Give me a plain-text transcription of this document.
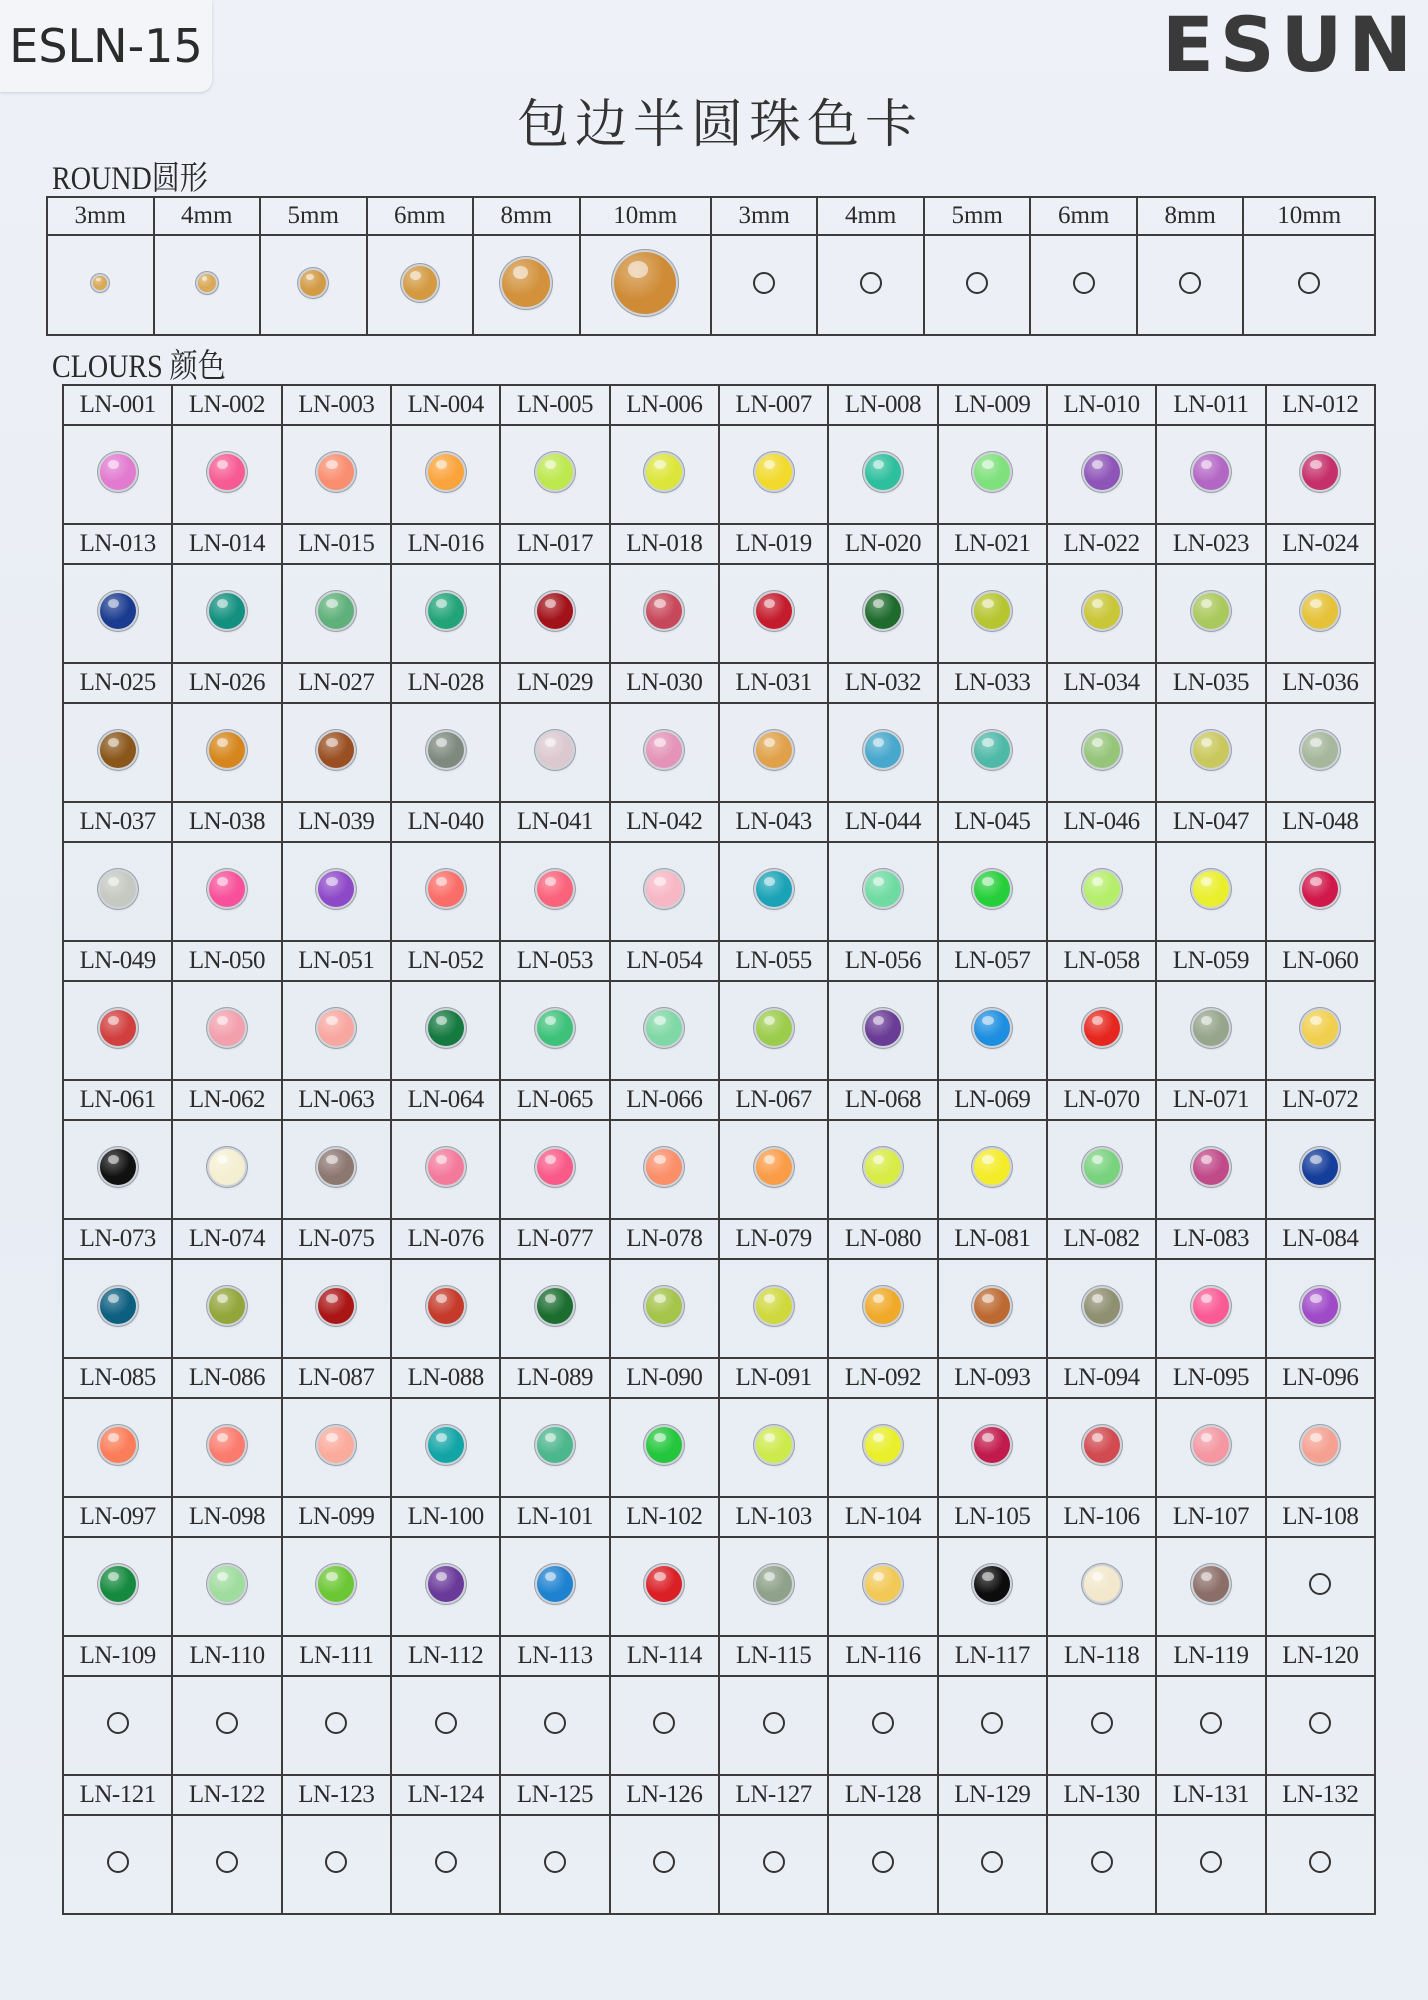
ESLN-15	ESUN
包边半圆珠色卡
ROUND圆形
3mm	4mm	5mm	6mm	8mm	10mm	3mm	4mm	5mm	6mm	8mm	10mm

CLOURS 颜色
LN-001	LN-002	LN-003	LN-004	LN-005	LN-006	LN-007	LN-008	LN-009	LN-010	LN-011	LN-012

LN-013	LN-014	LN-015	LN-016	LN-017	LN-018	LN-019	LN-020	LN-021	LN-022	LN-023	LN-024

LN-025	LN-026	LN-027	LN-028	LN-029	LN-030	LN-031	LN-032	LN-033	LN-034	LN-035	LN-036

LN-037	LN-038	LN-039	LN-040	LN-041	LN-042	LN-043	LN-044	LN-045	LN-046	LN-047	LN-048

LN-049	LN-050	LN-051	LN-052	LN-053	LN-054	LN-055	LN-056	LN-057	LN-058	LN-059	LN-060

LN-061	LN-062	LN-063	LN-064	LN-065	LN-066	LN-067	LN-068	LN-069	LN-070	LN-071	LN-072

LN-073	LN-074	LN-075	LN-076	LN-077	LN-078	LN-079	LN-080	LN-081	LN-082	LN-083	LN-084

LN-085	LN-086	LN-087	LN-088	LN-089	LN-090	LN-091	LN-092	LN-093	LN-094	LN-095	LN-096

LN-097	LN-098	LN-099	LN-100	LN-101	LN-102	LN-103	LN-104	LN-105	LN-106	LN-107	LN-108

LN-109	LN-110	LN-111	LN-112	LN-113	LN-114	LN-115	LN-116	LN-117	LN-118	LN-119	LN-120

LN-121	LN-122	LN-123	LN-124	LN-125	LN-126	LN-127	LN-128	LN-129	LN-130	LN-131	LN-132
